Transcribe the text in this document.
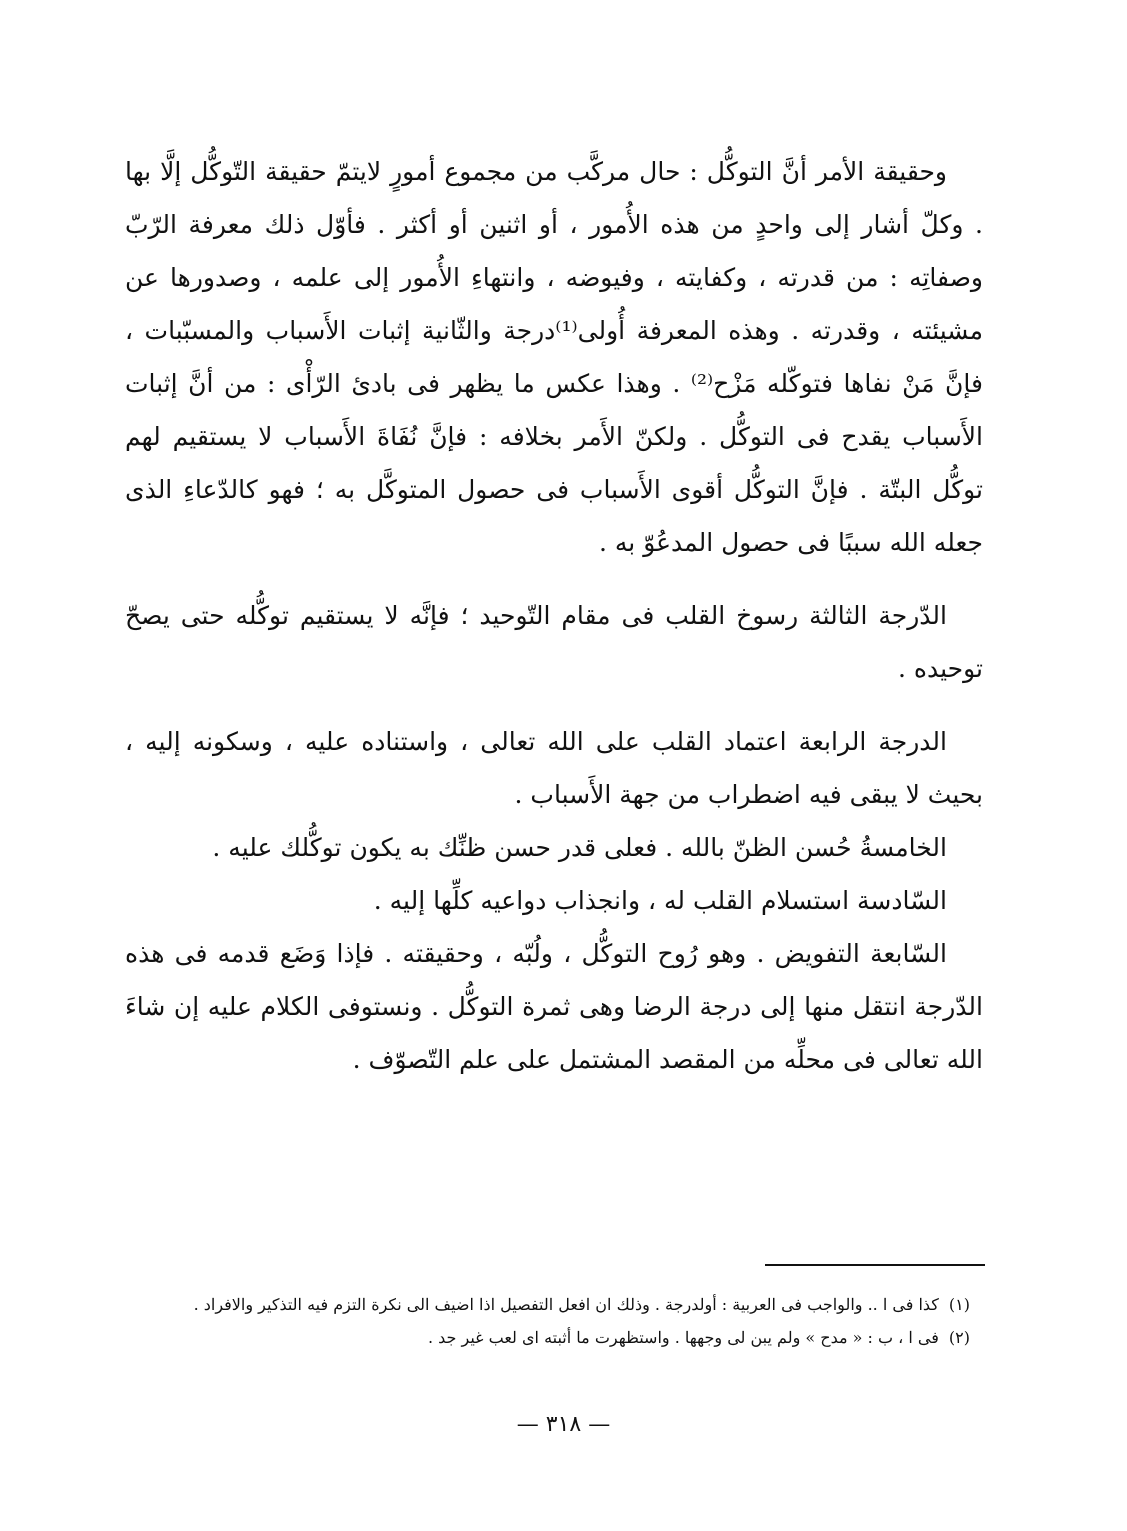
وحقيقة الأمر أنَّ التوكُّل : حال مركَّب من مجموع أمورٍ لايتمّ حقيقة التّوكُّل إلَّا بها . وكلّ أشار إلى واحدٍ من هذه الأُمور ، أو اثنين أو أكثر . فأوّل ذلك معرفة الرّبّ وصفاتِه : من قدرته ، وكفايته ، وفيوضه ، وانتهاءِ الأُمور إلى علمه ، وصدورها عن مشيئته ، وقدرته . وهذه المعرفة أُولى⁽¹⁾درجة والثّانية إثبات الأَسباب والمسبّبات ، فإنَّ مَنْ نفاها فتوكّله مَزْح⁽²⁾ . وهذا عكس ما يظهر فى بادئ الرّأْى : من أنَّ إثبات الأَسباب يقدح فى التوكُّل . ولكنّ الأَمر بخلافه : فإنَّ نُفَاةَ الأَسباب لا يستقيم لهم توكُّل البتّة . فإنَّ التوكُّل أقوى الأَسباب فى حصول المتوكَّل به ؛ فهو كالدّعاءِ الذى جعله الله سببًا فى حصول المدعُوّ به .

الدّرجة الثالثة رسوخ القلب فى مقام التّوحيد ؛ فإنَّه لا يستقيم توكُّله حتى يصحّ توحيده .

الدرجة الرابعة اعتماد القلب على الله تعالى ، واستناده عليه ، وسكونه إليه ، بحيث لا يبقى فيه اضطراب من جهة الأَسباب .

الخامسةُ حُسن الظنّ بالله . فعلى قدر حسن ظنِّك به يكون توكُّلك عليه .

السّادسة استسلام القلب له ، وانجذاب دواعيه كلِّها إليه .

السّابعة التفويض . وهو رُوح التوكُّل ، ولُبّه ، وحقيقته . فإذا وَضَع قدمه فى هذه الدّرجة انتقل منها إلى درجة الرضا وهى ثمرة التوكُّل . ونستوفى الكلام عليه إن شاءَ الله تعالى فى محلِّه من المقصد المشتمل على علم التّصوّف .

(١)كذا فى ا .. والواجب فى العربية : أولدرجة . وذلك ان افعل التفصيل اذا اضيف الى نكرة التزم فيه التذكير والافراد .

(٢)فى ا ، ب : « مدح » ولم يبن لى وجهها . واستظهرت ما أثبته اى لعب غير جد .

— ٣١٨ —
